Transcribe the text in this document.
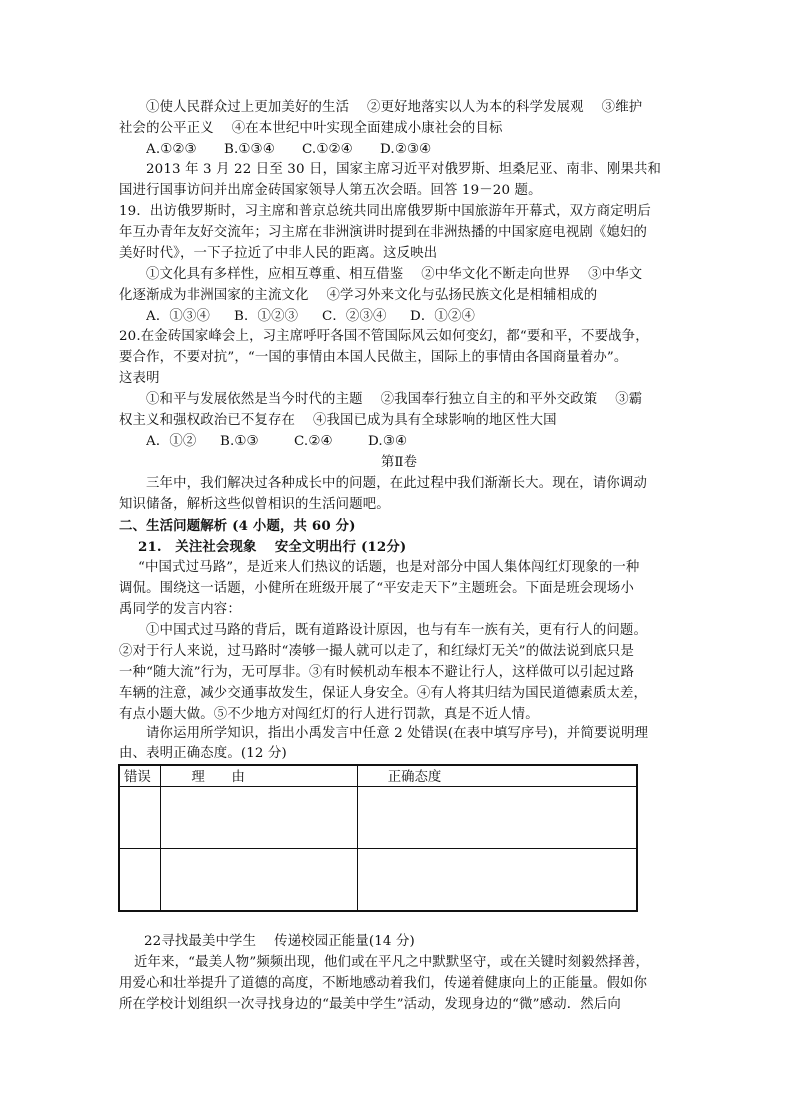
①使人民群众过上更加美好的生活　 ②更好地落实以人为本的科学发展观　 ③维护
社会的公平正义　 ④在本世纪中叶实现全面建成小康社会的目标
A.①②③ B.①③④ C.①②④ D.②③④
2013 年 3 月 22 日至 30 日，国家主席习近平对俄罗斯、坦桑尼亚、南非、刚果共和
国进行国事访问并出席金砖国家领导人第五次会晤。回答 19－20 题。
19．出访俄罗斯时，习主席和普京总统共同出席俄罗斯中国旅游年开幕式，双方商定明后
年互办青年友好交流年；习主席在非洲演讲时提到在非洲热播的中国家庭电视剧《媳妇的
美好时代》，一下子拉近了中非人民的距离。这反映出
①文化具有多样性，应相互尊重、相互借鉴　 ②中华文化不断走向世界　 ③中华文
化逐渐成为非洲国家的主流文化　 ④学习外来文化与弘扬民族文化是相辅相成的
A．①③④ B．①②③ C．②③④ D．①②④
20.在金砖国家峰会上，习主席呼吁各国不管国际风云如何变幻，都“要和平，不要战争，
要合作，不要对抗”，“一国的事情由本国人民做主，国际上的事情由各国商量着办”。
这表明
①和平与发展依然是当今时代的主题　 ②我国奉行独立自主的和平外交政策　 ③霸
权主义和强权政治已不复存在　 ④我国已成为具有全球影响的地区性大国
A．①② B.①③	C.②④	D.③④
第Ⅱ卷
三年中，我们解决过各种成长中的问题，在此过程中我们渐渐长大。现在，请你调动
知识储备，解析这些似曾相识的生活问题吧。
二、生活问题解析 (4 小题，共 60 分)
21.　关注社会现象　 安全文明出行 (12分)
“中国式过马路”，是近来人们热议的话题，也是对部分中国人集体闯红灯现象的一种
调侃。围绕这一话题，小健所在班级开展了“平安走天下”主题班会。下面是班会现场小
禹同学的发言内容：
①中国式过马路的背后，既有道路设计原因，也与有车一族有关，更有行人的问题。
②对于行人来说，过马路时“凑够一撮人就可以走了，和红绿灯无关”的做法说到底只是
一种“随大流”行为，无可厚非。③有时候机动车根本不避让行人，这样做可以引起过路
车辆的注意，减少交通事故发生，保证人身安全。④有人将其归结为国民道德素质太差，
有点小题大做。⑤不少地方对闯红灯的行人进行罚款，真是不近人情。
请你运用所学知识，指出小禹发言中任意 2 处错误(在表中填写序号)，并简要说明理
由、表明正确态度。(12 分)
错误	理　　由	正确态度

22寻找最美中学生　 传递校园正能量(14 分)
近年来，“最美人物”频频出现，他们或在平凡之中默默坚守，或在关键时刻毅然择善，
用爱心和壮举提升了道德的高度，不断地感动着我们，传递着健康向上的正能量。假如你
所在学校计划组织一次寻找身边的“最美中学生”活动，发现身边的“微”感动．然后向
